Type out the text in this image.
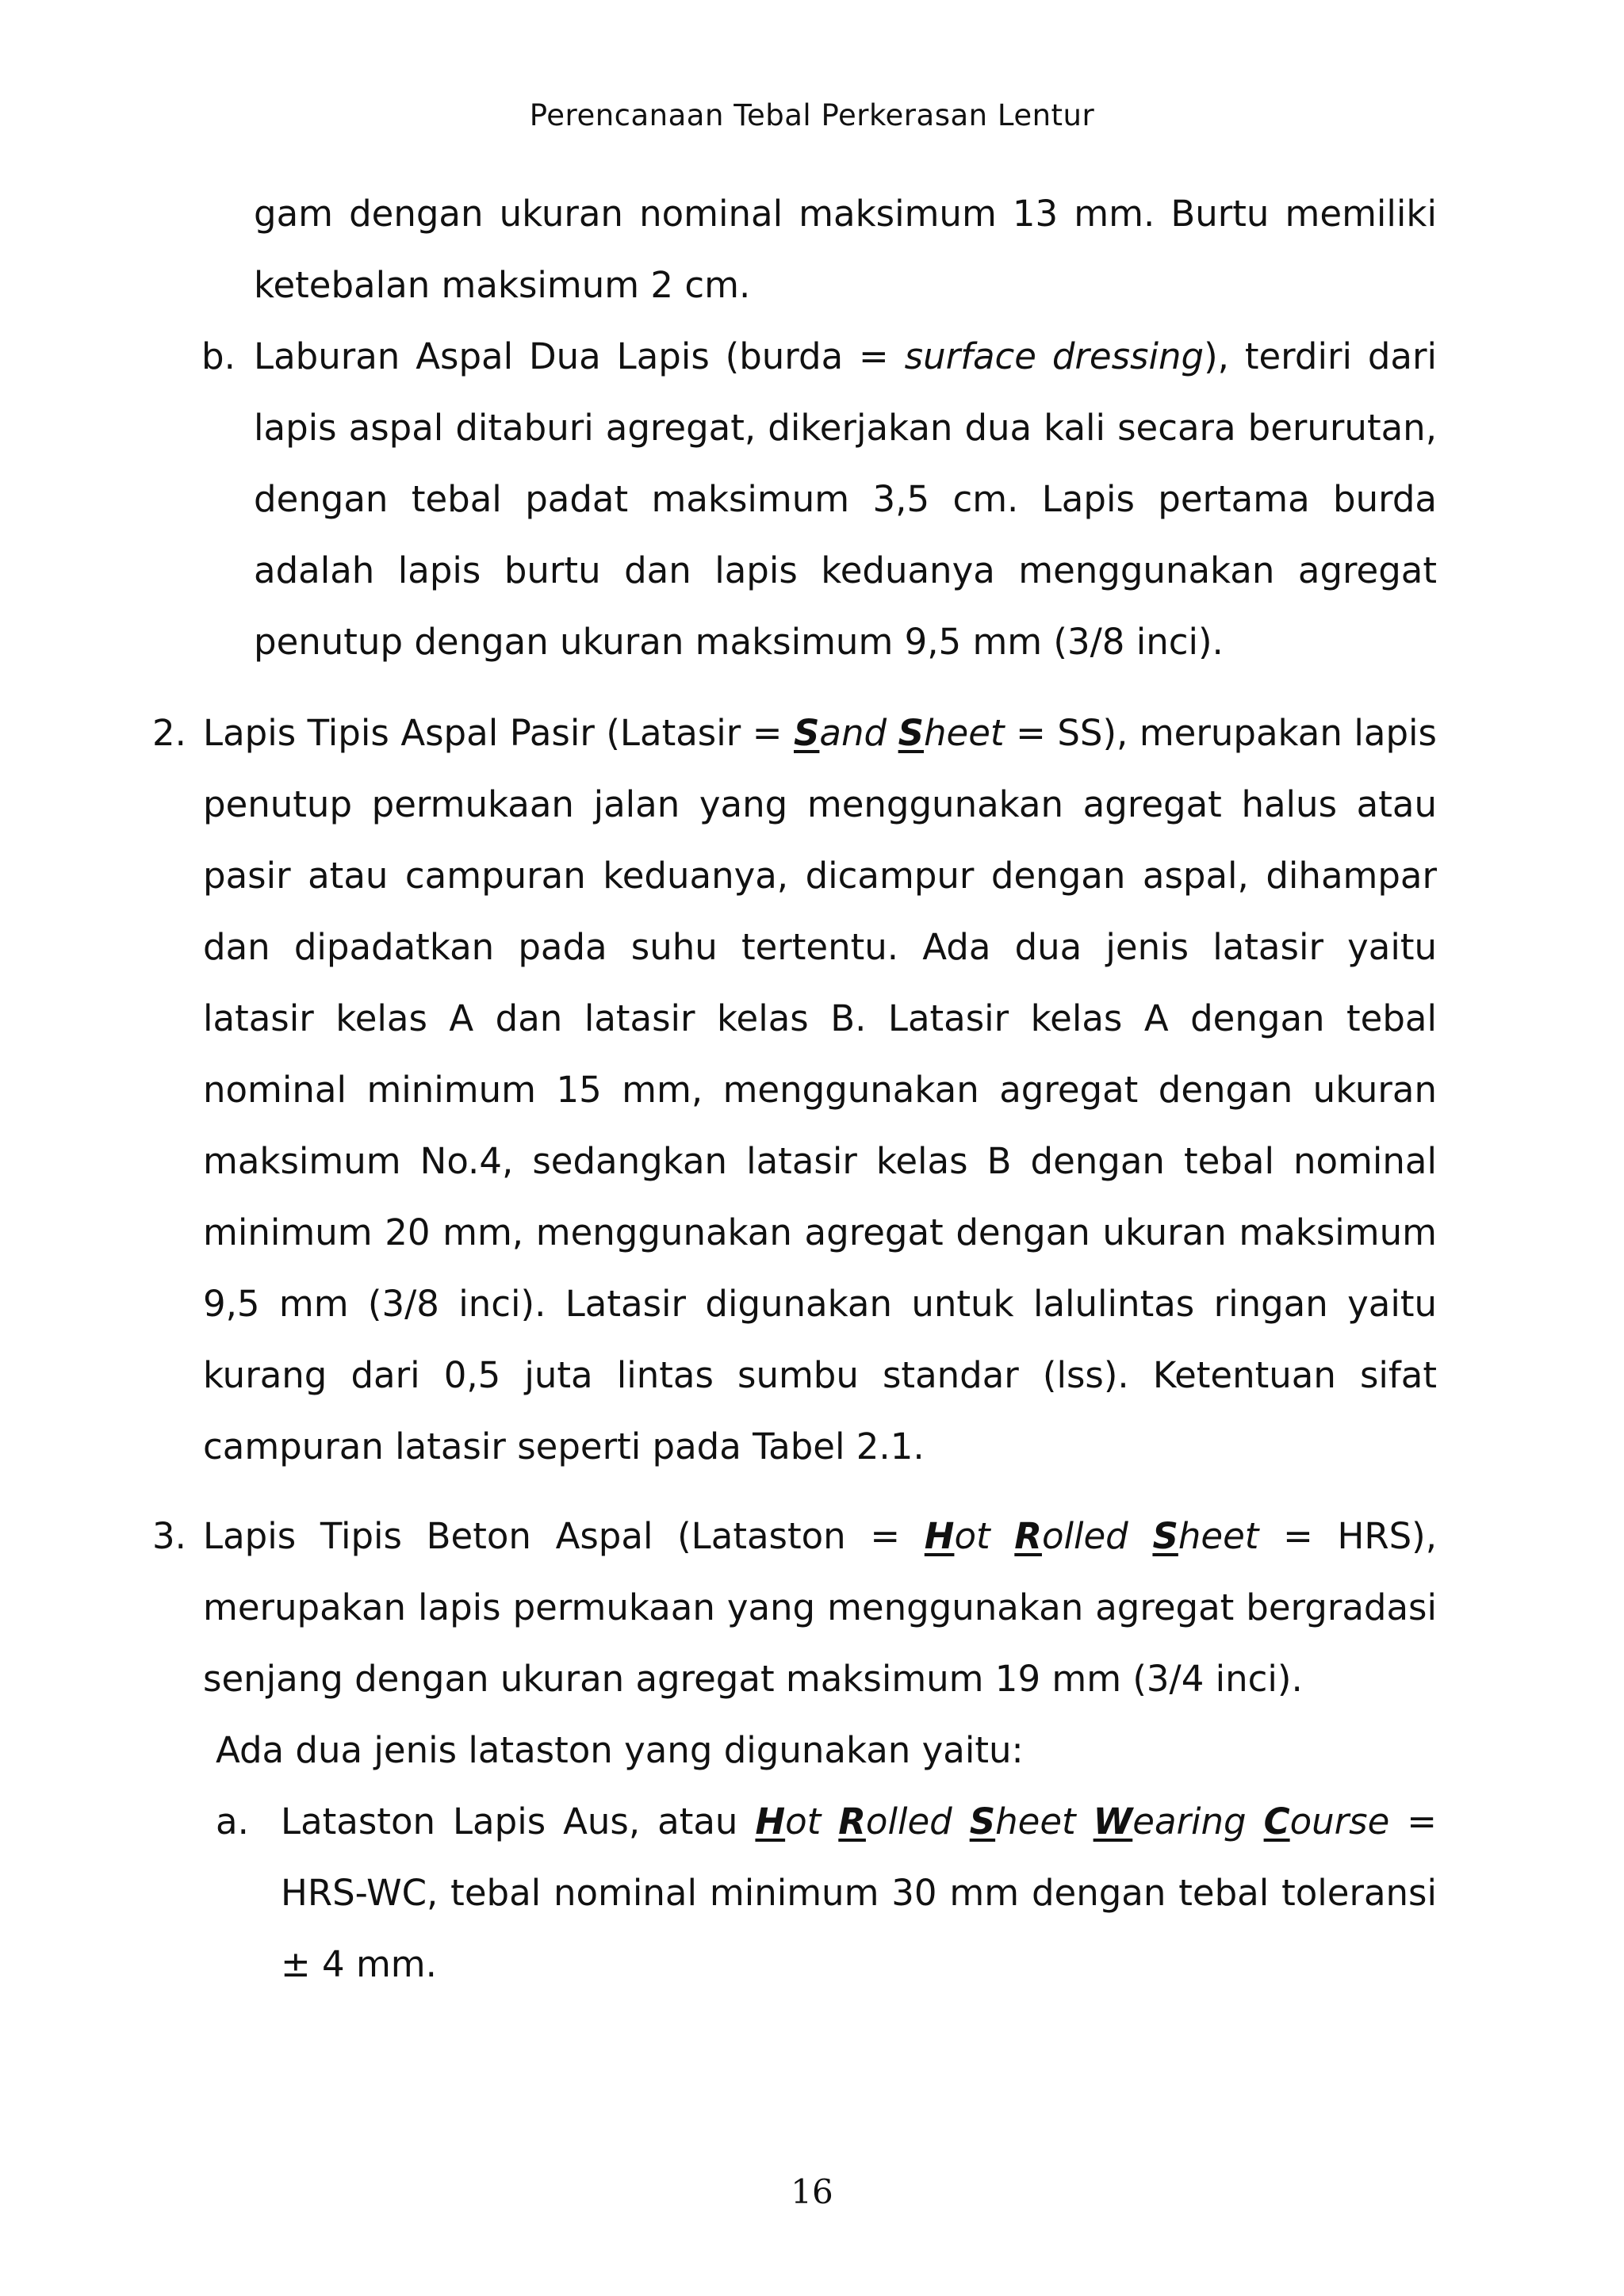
Perencanaan Tebal Perkerasan Lentur

gam dengan ukuran nominal maksimum 13 mm. Burtu memiliki ketebalan maksimum 2 cm.

b. Laburan Aspal Dua Lapis (burda = surface dressing), terdiri dari lapis aspal ditaburi agregat, dikerjakan dua kali secara berurutan, dengan tebal padat maksimum 3,5 cm. Lapis pertama burda adalah lapis burtu dan lapis keduanya menggunakan agregat penutup dengan ukuran maksimum 9,5 mm (3/8 inci).

2. Lapis Tipis Aspal Pasir (Latasir = Sand Sheet = SS), merupakan lapis penutup permukaan jalan yang menggunakan agregat halus atau pasir atau campuran keduanya, dicampur dengan aspal, dihampar dan dipadatkan pada suhu tertentu. Ada dua jenis latasir yaitu latasir kelas A dan latasir kelas B. Latasir kelas A dengan tebal nominal minimum 15 mm, menggunakan agregat dengan ukuran maksimum No.4, sedangkan latasir kelas B dengan tebal nominal minimum 20 mm, menggunakan agregat dengan ukuran maksimum 9,5 mm (3/8 inci). Latasir digunakan untuk lalulintas ringan yaitu kurang dari 0,5 juta lintas sumbu standar (lss). Ketentuan sifat campuran latasir seperti pada Tabel 2.1.

3. Lapis Tipis Beton Aspal (Lataston = Hot Rolled Sheet = HRS), merupakan lapis permukaan yang menggunakan agregat bergradasi senjang dengan ukuran agregat maksimum 19 mm (3/4 inci).

Ada dua jenis lataston yang digunakan yaitu:

a. Lataston Lapis Aus, atau Hot Rolled Sheet Wearing Course = HRS-WC, tebal nominal minimum 30 mm dengan tebal toleransi ± 4 mm.

16
